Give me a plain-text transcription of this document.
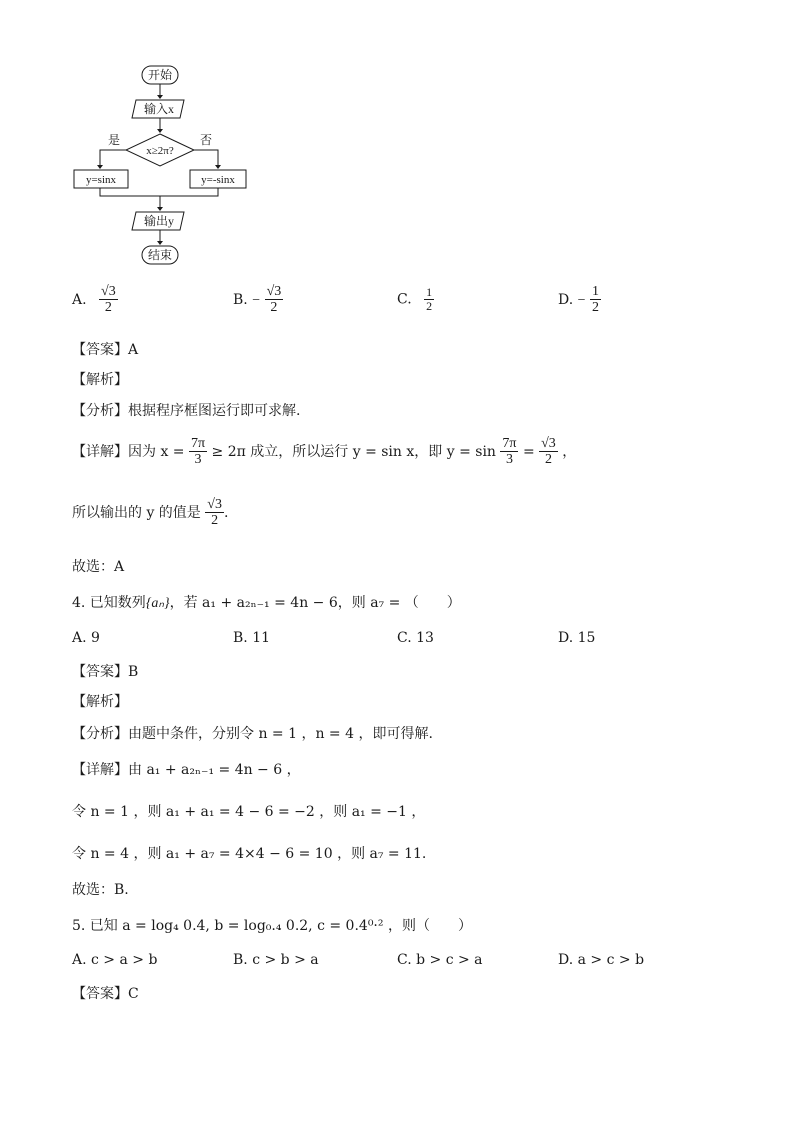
开始
输入x
x≥2π?
是	否
y=sinx	y=-sinx
输出y
结束
A. $\frac{√3}{2}$	B. − $\frac{√3}{2}$	C. $\frac{1}{2}$	D. − $\frac{1}{2}$
【答案】A
【解析】
【分析】根据程序框图运行即可求解.
【详解】因为 $x = \frac{7\pi}{3} \ge 2\pi$ 成立，所以运行 y = sin x，即 $y = \sin \frac{7\pi}{3} = \frac{√3}{2}$ ，
所以输出的 y 的值是 $\frac{√3}{2}$ .
故选：A
4. 已知数列{aₙ}，若 a₁ + a₂ₙ₋₁ = 4n − 6，则 a₇ = （　　）
A. 9	B. 11	C. 13	D. 15
【答案】B
【解析】
【分析】由题中条件，分别令 n = 1 ，n = 4 ，即可得解.
【详解】由 a₁ + a₂ₙ₋₁ = 4n − 6 ，
令 n = 1 ，则 a₁ + a₁ = 4 − 6 = −2 ，则 a₁ = −1 ，
令 n = 4 ，则 a₁ + a₇ = 4×4 − 6 = 10 ，则 a₇ = 11.
故选：B.
5. 已知 a = log₄ 0.4, b = log₀.₄ 0.2, c = 0.4⁰·² ，则（　　）
A. c > a > b	B. c > b > a	C. b > c > a	D. a > c > b
【答案】C
